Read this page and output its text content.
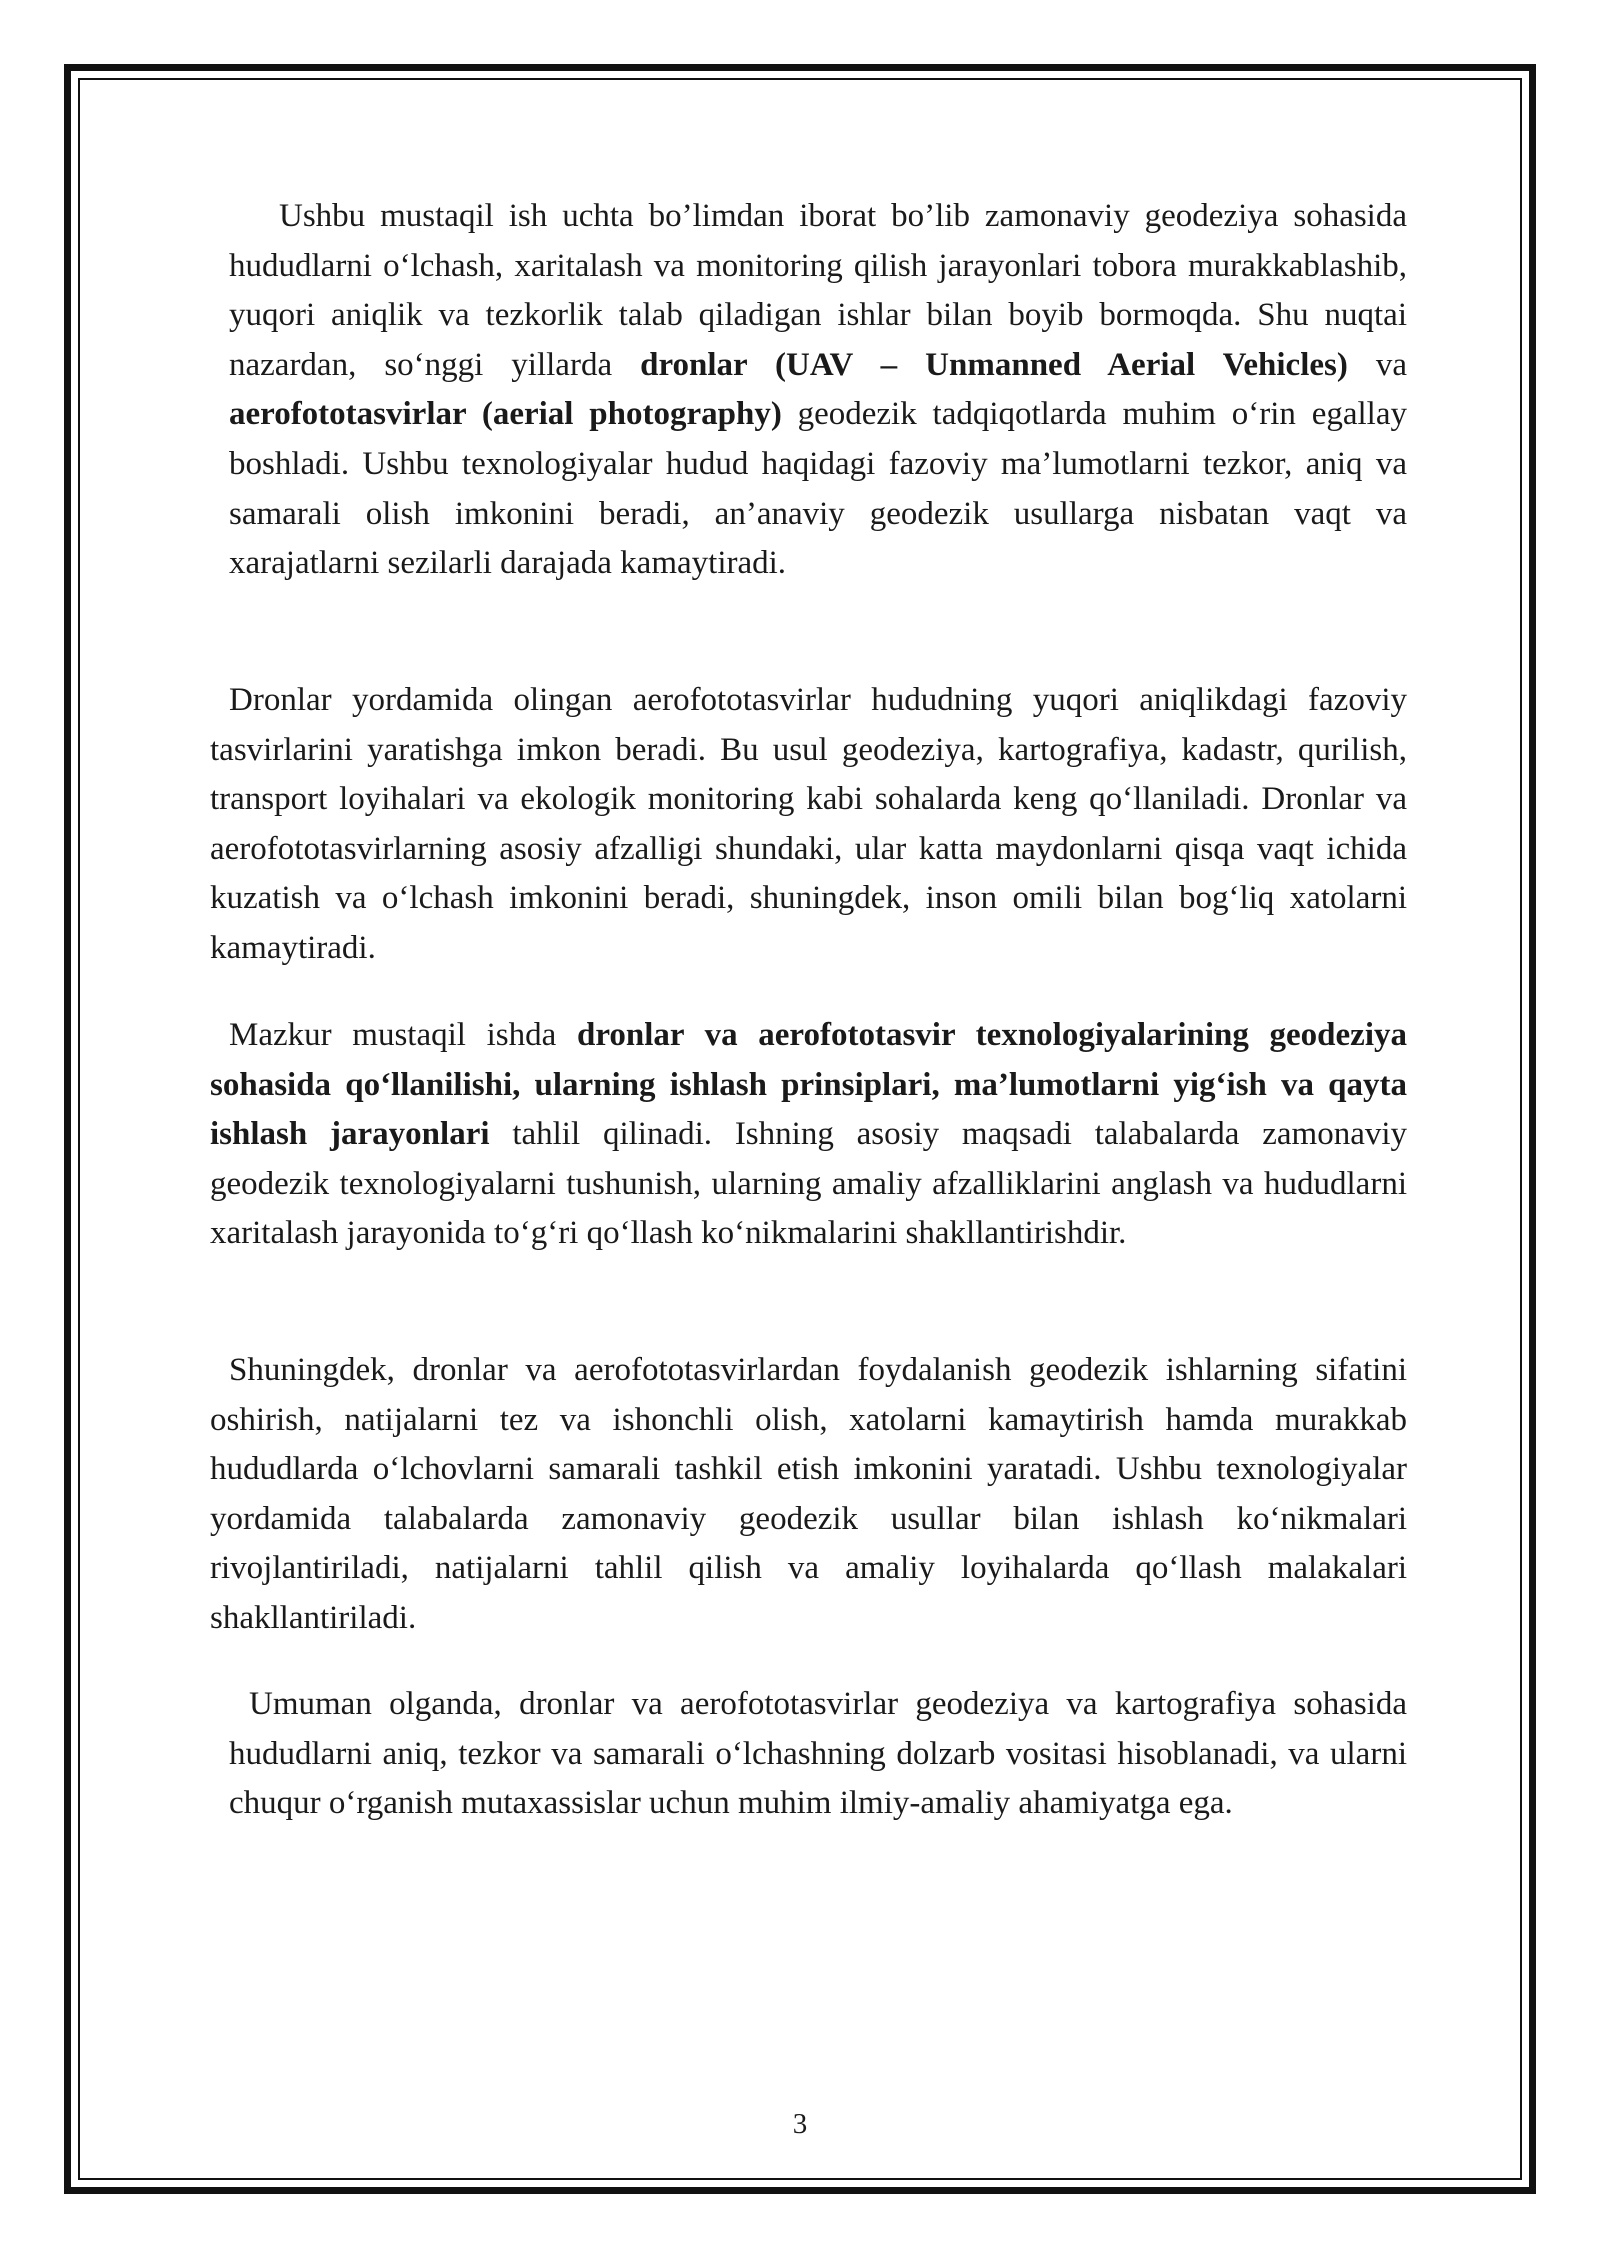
Ushbu mustaqil ish uchta bo’limdan iborat bo’lib zamonaviy geodeziya sohasida hududlarni o‘lchash, xaritalash va monitoring qilish jarayonlari tobora murakkablashib, yuqori aniqlik va tezkorlik talab qiladigan ishlar bilan boyib bormoqda. Shu nuqtai nazardan, so‘nggi yillarda dronlar (UAV – Unmanned Aerial Vehicles) va aerofototasvirlar (aerial photography) geodezik tadqiqotlarda muhim o‘rin egallay boshladi. Ushbu texnologiyalar hudud haqidagi fazoviy ma’lumotlarni tezkor, aniq va samarali olish imkonini beradi, an’anaviy geodezik usullarga nisbatan vaqt va xarajatlarni sezilarli darajada kamaytiradi.

Dronlar yordamida olingan aerofototasvirlar hududning yuqori aniqlikdagi fazoviy tasvirlarini yaratishga imkon beradi. Bu usul geodeziya, kartografiya, kadastr, qurilish, transport loyihalari va ekologik monitoring kabi sohalarda keng qo‘llaniladi. Dronlar va aerofototasvirlarning asosiy afzalligi shundaki, ular katta maydonlarni qisqa vaqt ichida kuzatish va o‘lchash imkonini beradi, shuningdek, inson omili bilan bog‘liq xatolarni kamaytiradi.

Mazkur mustaqil ishda dronlar va aerofototasvir texnologiyalarining geodeziya sohasida qo‘llanilishi, ularning ishlash prinsiplari, ma’lumotlarni yig‘ish va qayta ishlash jarayonlari tahlil qilinadi. Ishning asosiy maqsadi talabalarda zamonaviy geodezik texnologiyalarni tushunish, ularning amaliy afzalliklarini anglash va hududlarni xaritalash jarayonida to‘g‘ri qo‘llash ko‘nikmalarini shakllantirishdir.

Shuningdek, dronlar va aerofototasvirlardan foydalanish geodezik ishlarning sifatini oshirish, natijalarni tez va ishonchli olish, xatolarni kamaytirish hamda murakkab hududlarda o‘lchovlarni samarali tashkil etish imkonini yaratadi. Ushbu texnologiyalar yordamida talabalarda zamonaviy geodezik usullar bilan ishlash ko‘nikmalari rivojlantiriladi, natijalarni tahlil qilish va amaliy loyihalarda qo‘llash malakalari shakllantiriladi.

Umuman olganda, dronlar va aerofototasvirlar geodeziya va kartografiya sohasida hududlarni aniq, tezkor va samarali o‘lchashning dolzarb vositasi hisoblanadi, va ularni chuqur o‘rganish mutaxassislar uchun muhim ilmiy-amaliy ahamiyatga ega.

3
